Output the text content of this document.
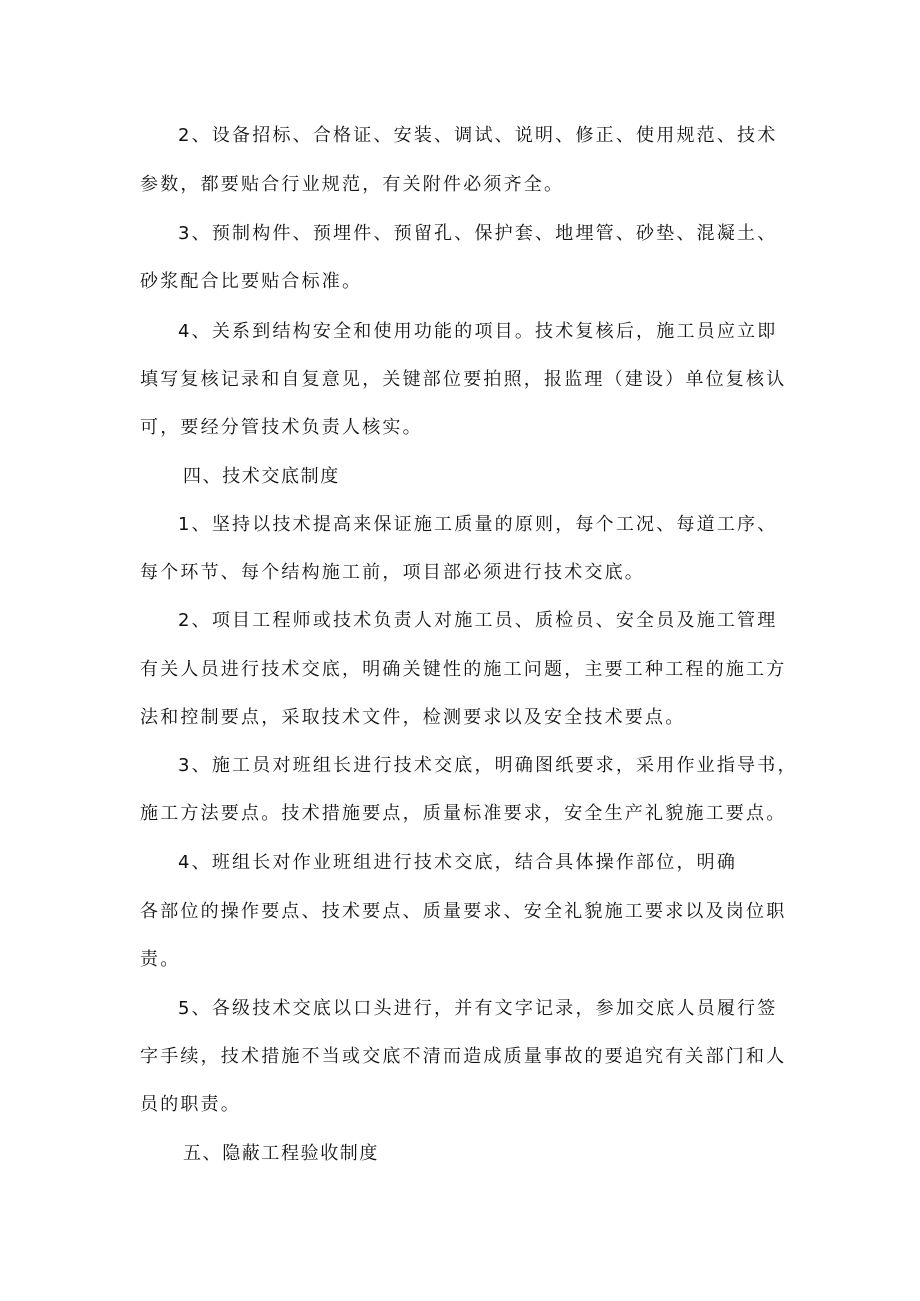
2、设备招标、合格证、安装、调试、说明、修正、使用规范、技术
参数，都要贴合行业规范，有关附件必须齐全。
3、预制构件、预埋件、预留孔、保护套、地埋管、砂垫、混凝土、
砂浆配合比要贴合标准。
4、关系到结构安全和使用功能的项目。技术复核后，施工员应立即
填写复核记录和自复意见，关键部位要拍照，报监理（建设）单位复核认
可，要经分管技术负责人核实。
四、技术交底制度
1、坚持以技术提高来保证施工质量的原则，每个工况、每道工序、
每个环节、每个结构施工前，项目部必须进行技术交底。
2、项目工程师或技术负责人对施工员、质检员、安全员及施工管理
有关人员进行技术交底，明确关键性的施工问题，主要工种工程的施工方
法和控制要点，采取技术文件，检测要求以及安全技术要点。
3、施工员对班组长进行技术交底，明确图纸要求，采用作业指导书，
施工方法要点。技术措施要点，质量标准要求，安全生产礼貌施工要点。
4、班组长对作业班组进行技术交底，结合具体操作部位，明确
各部位的操作要点、技术要点、质量要求、安全礼貌施工要求以及岗位职
责。
5、各级技术交底以口头进行，并有文字记录，参加交底人员履行签
字手续，技术措施不当或交底不清而造成质量事故的要追究有关部门和人
员的职责。
五、隐蔽工程验收制度
